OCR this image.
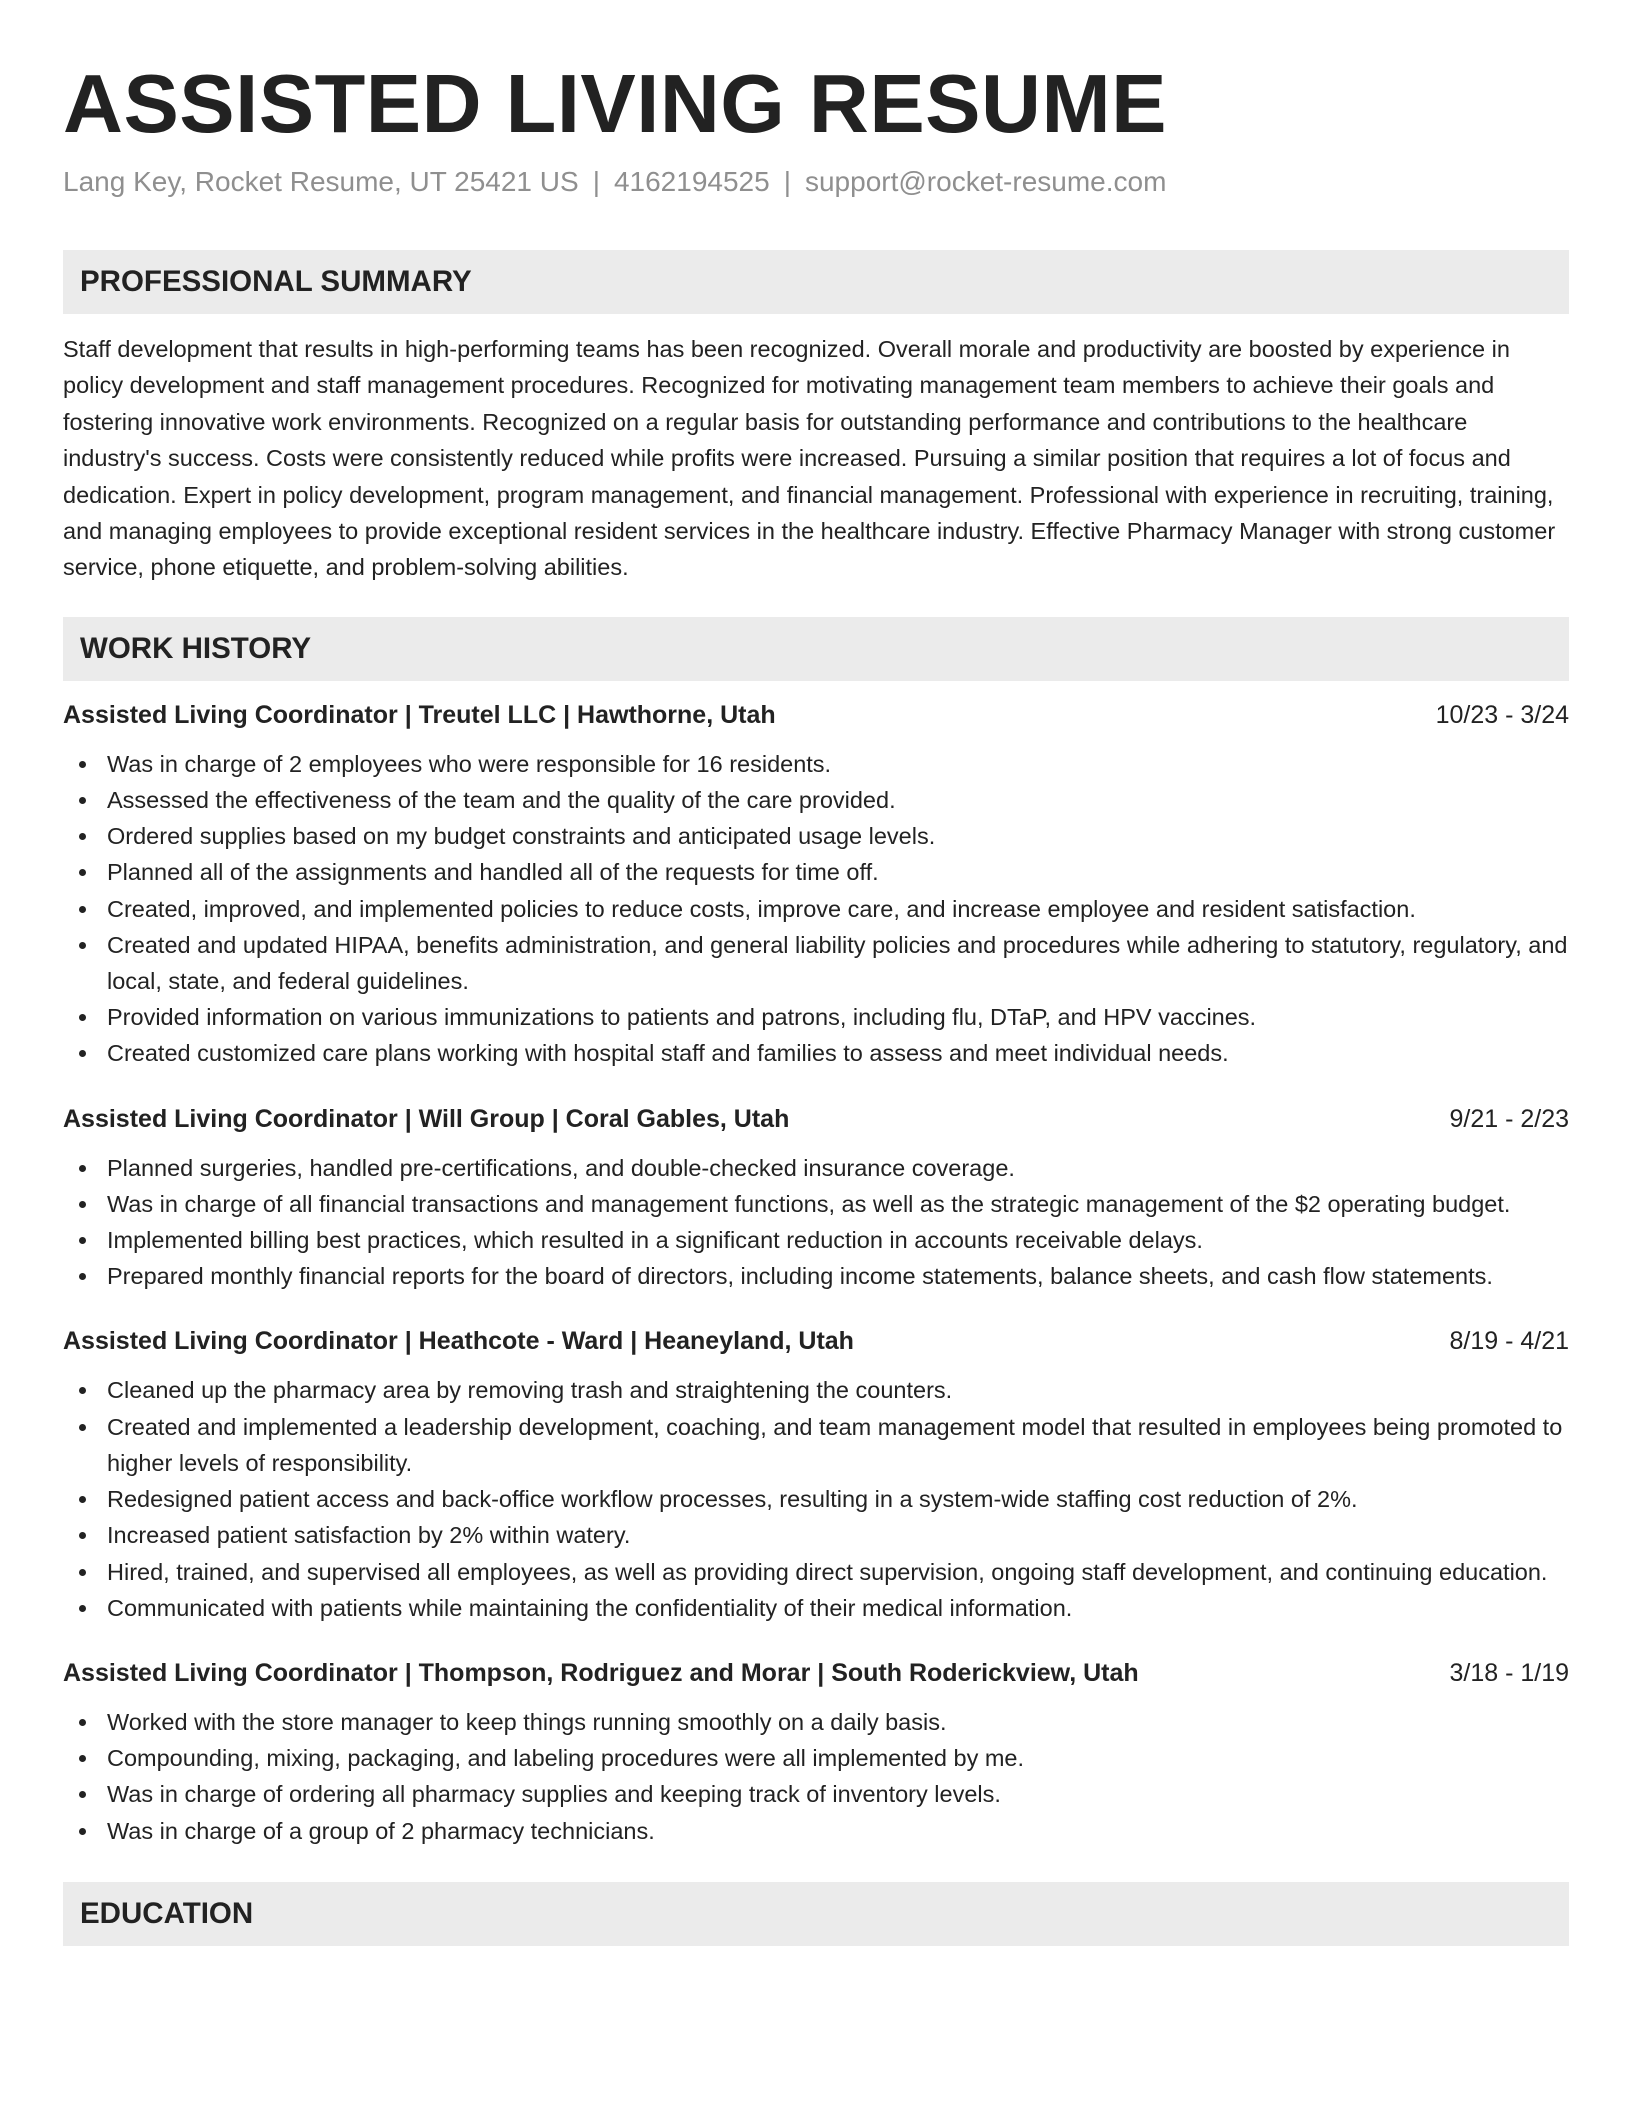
ASSISTED LIVING RESUME
Lang Key, Rocket Resume, UT 25421 US | 4162194525 | support@rocket-resume.com
PROFESSIONAL SUMMARY

Staff development that results in high-performing teams has been recognized. Overall morale and productivity are boosted by experience in policy development and staff management procedures. Recognized for motivating management team members to achieve their goals and fostering innovative work environments. Recognized on a regular basis for outstanding performance and contributions to the healthcare industry's success. Costs were consistently reduced while profits were increased. Pursuing a similar position that requires a lot of focus and dedication. Expert in policy development, program management, and financial management. Professional with experience in recruiting, training, and managing employees to provide exceptional resident services in the healthcare industry. Effective Pharmacy Manager with strong customer service, phone etiquette, and problem-solving abilities.

WORK HISTORY
Assisted Living Coordinator | Treutel LLC | Hawthorne, Utah	10/23 - 3/24
Was in charge of 2 employees who were responsible for 16 residents.
Assessed the effectiveness of the team and the quality of the care provided.
Ordered supplies based on my budget constraints and anticipated usage levels.
Planned all of the assignments and handled all of the requests for time off.
Created, improved, and implemented policies to reduce costs, improve care, and increase employee and resident satisfaction.
Created and updated HIPAA, benefits administration, and general liability policies and procedures while adhering to statutory, regulatory, and local, state, and federal guidelines.
Provided information on various immunizations to patients and patrons, including flu, DTaP, and HPV vaccines.
Created customized care plans working with hospital staff and families to assess and meet individual needs.
Assisted Living Coordinator | Will Group | Coral Gables, Utah	9/21 - 2/23
Planned surgeries, handled pre-certifications, and double-checked insurance coverage.
Was in charge of all financial transactions and management functions, as well as the strategic management of the $2 operating budget.
Implemented billing best practices, which resulted in a significant reduction in accounts receivable delays.
Prepared monthly financial reports for the board of directors, including income statements, balance sheets, and cash flow statements.
Assisted Living Coordinator | Heathcote - Ward | Heaneyland, Utah	8/19 - 4/21
Cleaned up the pharmacy area by removing trash and straightening the counters.
Created and implemented a leadership development, coaching, and team management model that resulted in employees being promoted to higher levels of responsibility.
Redesigned patient access and back-office workflow processes, resulting in a system-wide staffing cost reduction of 2%.
Increased patient satisfaction by 2% within watery.
Hired, trained, and supervised all employees, as well as providing direct supervision, ongoing staff development, and continuing education.
Communicated with patients while maintaining the confidentiality of their medical information.
Assisted Living Coordinator | Thompson, Rodriguez and Morar | South Roderickview, Utah	3/18 - 1/19
Worked with the store manager to keep things running smoothly on a daily basis.
Compounding, mixing, packaging, and labeling procedures were all implemented by me.
Was in charge of ordering all pharmacy supplies and keeping track of inventory levels.
Was in charge of a group of 2 pharmacy technicians.
EDUCATION
